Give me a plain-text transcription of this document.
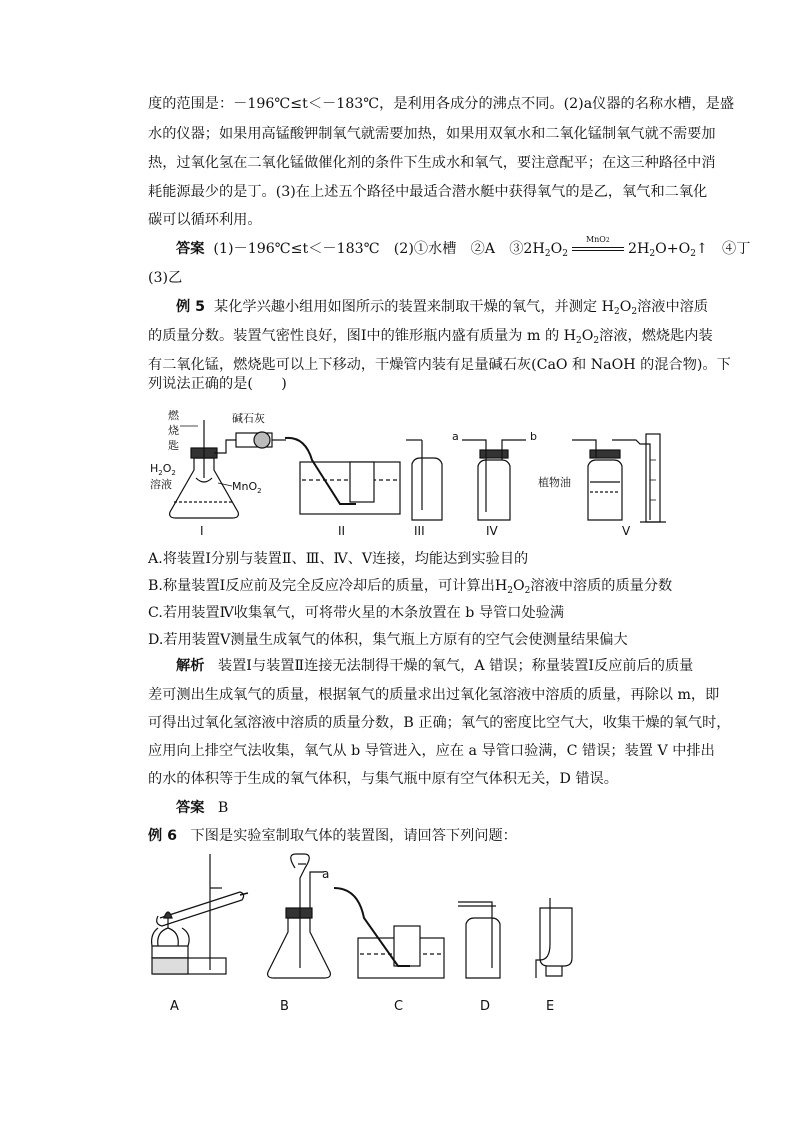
度的范围是：－196℃≤t＜－183℃，是利用各成分的沸点不同。(2)a仪器的名称水槽，是盛
水的仪器；如果用高锰酸钾制氧气就需要加热，如果用双氧水和二氧化锰制氧气就不需要加
热，过氧化氢在二氧化锰做催化剂的条件下生成水和氧气，要注意配平；在这三种路径中消
耗能源最少的是丁。(3)在上述五个路径中最适合潜水艇中获得氧气的是乙，氧气和二氧化
碳可以循环利用。
答案 (1)－196℃≤t＜－183℃　(2)①水槽　②A　$③2H_2O_2$
MnO2
$2H_2O+O_2↑$　④丁
(3)乙
例 5 某化学兴趣小组用如图所示的装置来制取干燥的氧气，并测定 $H_2O_2$溶液中溶质
的质量分数。装置气密性良好，图Ⅰ中的锥形瓶内盛有质量为 m 的 $H_2O_2$溶液，燃烧匙内装
有二氧化锰，燃烧匙可以上下移动，干燥管内装有足量碱石灰(CaO 和 NaOH 的混合物)。下
列说法正确的是(　　)
燃
烧
匙
碱石灰
$H_2O_2$
溶液	MnO$_2$
a	b
植物油
I	II	III	IV	V
A.将装置Ⅰ分别与装置Ⅱ、Ⅲ、Ⅳ、Ⅴ连接，均能达到实验目的
B.称量装置Ⅰ反应前及完全反应冷却后的质量，可计算出$H_2O_2$溶液中溶质的质量分数
C.若用装置Ⅳ收集氧气，可将带火星的木条放置在 b 导管口处验满
D.若用装置Ⅴ测量生成氧气的体积，集气瓶上方原有的空气会使测量结果偏大
解析 装置Ⅰ与装置Ⅱ连接无法制得干燥的氧气，A 错误；称量装置Ⅰ反应前后的质量
差可测出生成氧气的质量，根据氧气的质量求出过氧化氢溶液中溶质的质量，再除以 m，即
可得出过氧化氢溶液中溶质的质量分数，B 正确；氧气的密度比空气大，收集干燥的氧气时，
应用向上排空气法收集，氧气从 b 导管进入，应在 a 导管口验满，C 错误；装置 V 中排出
的水的体积等于生成的氧气体积，与集气瓶中原有空气体积无关，D 错误。
答案 B
例 6 下图是实验室制取气体的装置图，请回答下列问题：
a
A	B	C	D	E
